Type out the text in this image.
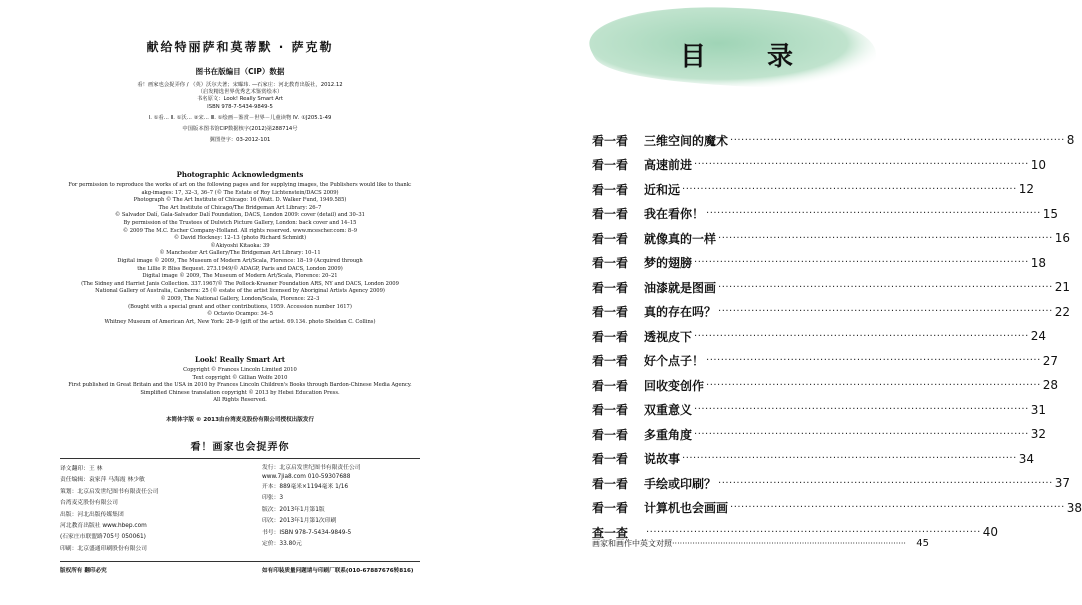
献给特丽萨和莫蒂默 · 萨克勒
图书在版编目（CIP）数据
看！画家也会捉弄你 / （英）沃尔夫著；宋曝玮. —石家庄：河北教育出版社，2012.12
（启发精选世界优秀艺术鉴赏绘本）
书名原文：Look! Really Smart Art
ISBN 978-7-5434-9849-5
Ⅰ. ①看… Ⅱ. ①沃… ②宋… Ⅲ. ①绘画－鉴赏－世界－儿童读物 Ⅳ. ①J205.1-49
中国版本图书馆CIP数据核字(2012)第288714号
翼图登字：03-2012-101
Photographic Acknowledgments
For permission to reproduce the works of art on the following pages and for supplying images, the Publishers would like to thank:
akg-images: 17, 32–3, 36–7 (© The Estate of Roy Lichtenstein/DACS 2009)
Photograph © The Art Institute of Chicago: 16 (Watt. D. Walker Fund, 1949.585)
The Art Institute of Chicago/The Bridgeman Art Library: 26–7
© Salvador Dalí, Gala-Salvador Dalí Foundation, DACS, London 2009: cover (detail) and 30–31
By permission of the Trustees of Dulwich Picture Gallery, London: back cover and 14–15
© 2009 The M.C. Escher Company-Holland. All rights reserved. www.mcescher.com: 8–9
© David Hockney: 12–13 (photo Richard Schmidt)
©Akiyoshi Kitaoka: 39
© Manchester Art Gallery/The Bridgeman Art Library: 10–11
Digital image © 2009, The Museum of Modern Art/Scala, Florence: 18–19 (Acquired through
the Lillie P. Bliss Bequest. 273.1949/© ADAGP, Paris and DACS, London 2009)
Digital image © 2009, The Museum of Modern Art/Scala, Florence: 20–21
(The Sidney and Harriet Janis Collection. 337.1967/© The Pollock-Krasner Foundation ARS, NY and DACS, London 2009
National Gallery of Australia, Canberra: 25 (© estate of the artist licensed by Aboriginal Artists Agency 2009)
© 2009, The National Gallery, London/Scala, Florence: 22–3
(Bought with a special grant and other contributions, 1959. Accession number 1617)
© Octavio Ocampo: 34–5
Whitney Museum of American Art, New York: 28–9 (gift of the artist. 69.134. photo Sheldan C. Collins)
Look! Really Smart Art
Copyright © Frances Lincoln Limited 2010
Text copyright © Gillian Wolfe 2010
First published in Great Britain and the USA in 2010 by Frances Lincoln Children's Books through Bardon-Chinese Media Agency.
Simplified Chinese translation copyright © 2013 by Hebei Education Press.
All Rights Reserved.
本简体字版 © 2013由台湾麦克股份有限公司授权出版发行
看！画家也会捉弄你
译文翻印：王 林
责任编辑：袁家萍 马海霞 林少敏
策划：北京启发世纪图书有限责任公司
台湾麦克股份有限公司
出版：河北出版传媒集团
河北教育出版社 www.hbep.com
(石家庄市联盟路705号 050061)
印刷：北京盛通印刷股份有限公司
发行：北京启发世纪图书有限责任公司
www.7jia8.com 010-59307688
开本：889毫米×1194毫米 1/16
印张：3
版次：2013年1月第1版
印次：2013年1月第1次印刷
书号：ISBN 978-7-5434-9849-5
定价：33.80元
版权所有 翻印必究	如有印装质量问题请与印刷厂联系(010-67887676转816)
目 录
看一看	三维空间的魔术 ··························································································· 8
看一看	高速前进 ··························································································· 10
看一看	近和远 ··························································································· 12
看一看	我在看你！ ··························································································· 15
看一看	就像真的一样 ··························································································· 16
看一看	梦的翅膀 ··························································································· 18
看一看	油漆就是图画 ··························································································· 21
看一看	真的存在吗？ ··························································································· 22
看一看	透视皮下 ··························································································· 24
看一看	好个点子！ ··························································································· 27
看一看	回收变创作 ··························································································· 28
看一看	双重意义 ··························································································· 31
看一看	多重角度 ··························································································· 32
看一看	说故事 ··························································································· 34
看一看	手绘或印刷？ ··························································································· 37
看一看	计算机也会画画 ··························································································· 38
查一查	··························································································· 40
画家和画作中英文对照 ····························································································	45
